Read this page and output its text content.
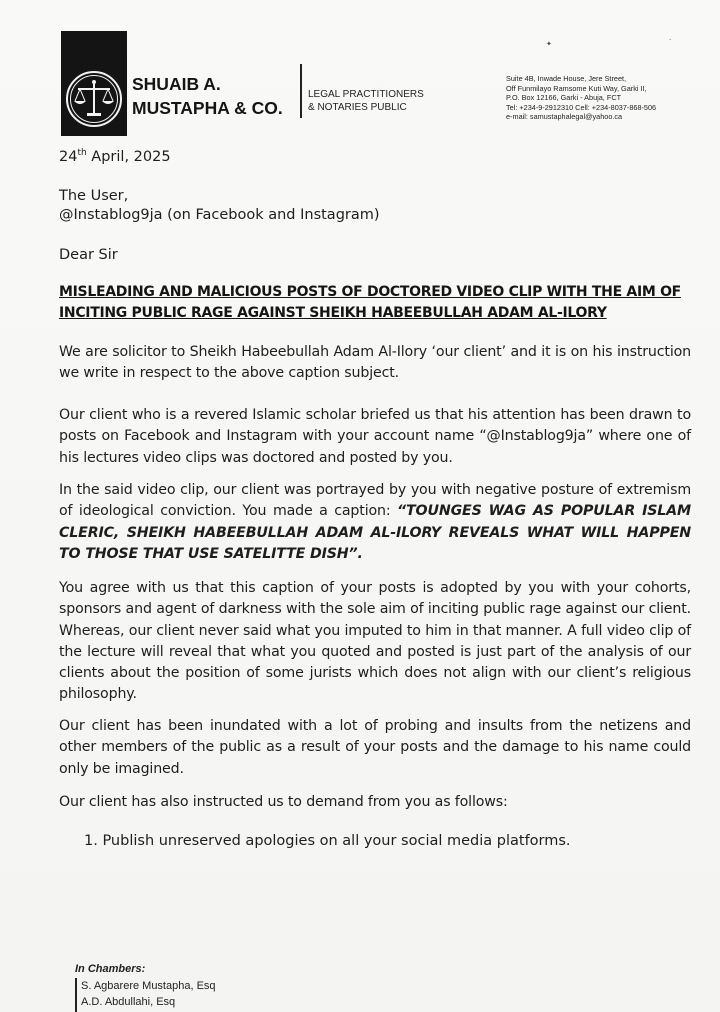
SHUAIB A.
MUSTAPHA & CO.
LEGAL PRACTITIONERS
& NOTARIES PUBLIC
Suite 4B, Inwade House, Jere Street,
Off Funmilayo Ramsome Kuti Way, Garki II,
P.O. Box 12166, Garki - Abuja, FCT
Tel: +234-9-2912310 Cell: +234-8037-868-506
e-mail: samustaphalegal@yahoo.ca
✦	·
24th April, 2025
The User,
@Instablog9ja (on Facebook and Instagram)
Dear Sir
MISLEADING AND MALICIOUS POSTS OF DOCTORED VIDEO CLIP WITH THE AIM OF
INCITING PUBLIC RAGE AGAINST SHEIKH HABEEBULLAH ADAM AL-ILORY
We are solicitor to Sheikh Habeebullah Adam Al-Ilory ‘our client’ and it is on his instruction we write in respect to the above caption subject.
Our client who is a revered Islamic scholar briefed us that his attention has been drawn to posts on Facebook and Instagram with your account name “@Instablog9ja” where one of his lectures video clips was doctored and posted by you.
In the said video clip, our client was portrayed by you with negative posture of extremism of ideological conviction. You made a caption: “TOUNGES WAG AS POPULAR ISLAM CLERIC, SHEIKH HABEEBULLAH ADAM AL-ILORY REVEALS WHAT WILL HAPPEN TO THOSE THAT USE SATELITTE DISH”.
You agree with us that this caption of your posts is adopted by you with your cohorts, sponsors and agent of darkness with the sole aim of inciting public rage against our client. Whereas, our client never said what you imputed to him in that manner. A full video clip of the lecture will reveal that what you quoted and posted is just part of the analysis of our clients about the position of some jurists which does not align with our client’s religious philosophy.
Our client has been inundated with a lot of probing and insults from the netizens and other members of the public as a result of your posts and the damage to his name could only be imagined.
Our client has also instructed us to demand from you as follows:
1. Publish unreserved apologies on all your social media platforms.
In Chambers:
S. Agbarere Mustapha, Esq
A.D. Abdullahi, Esq
